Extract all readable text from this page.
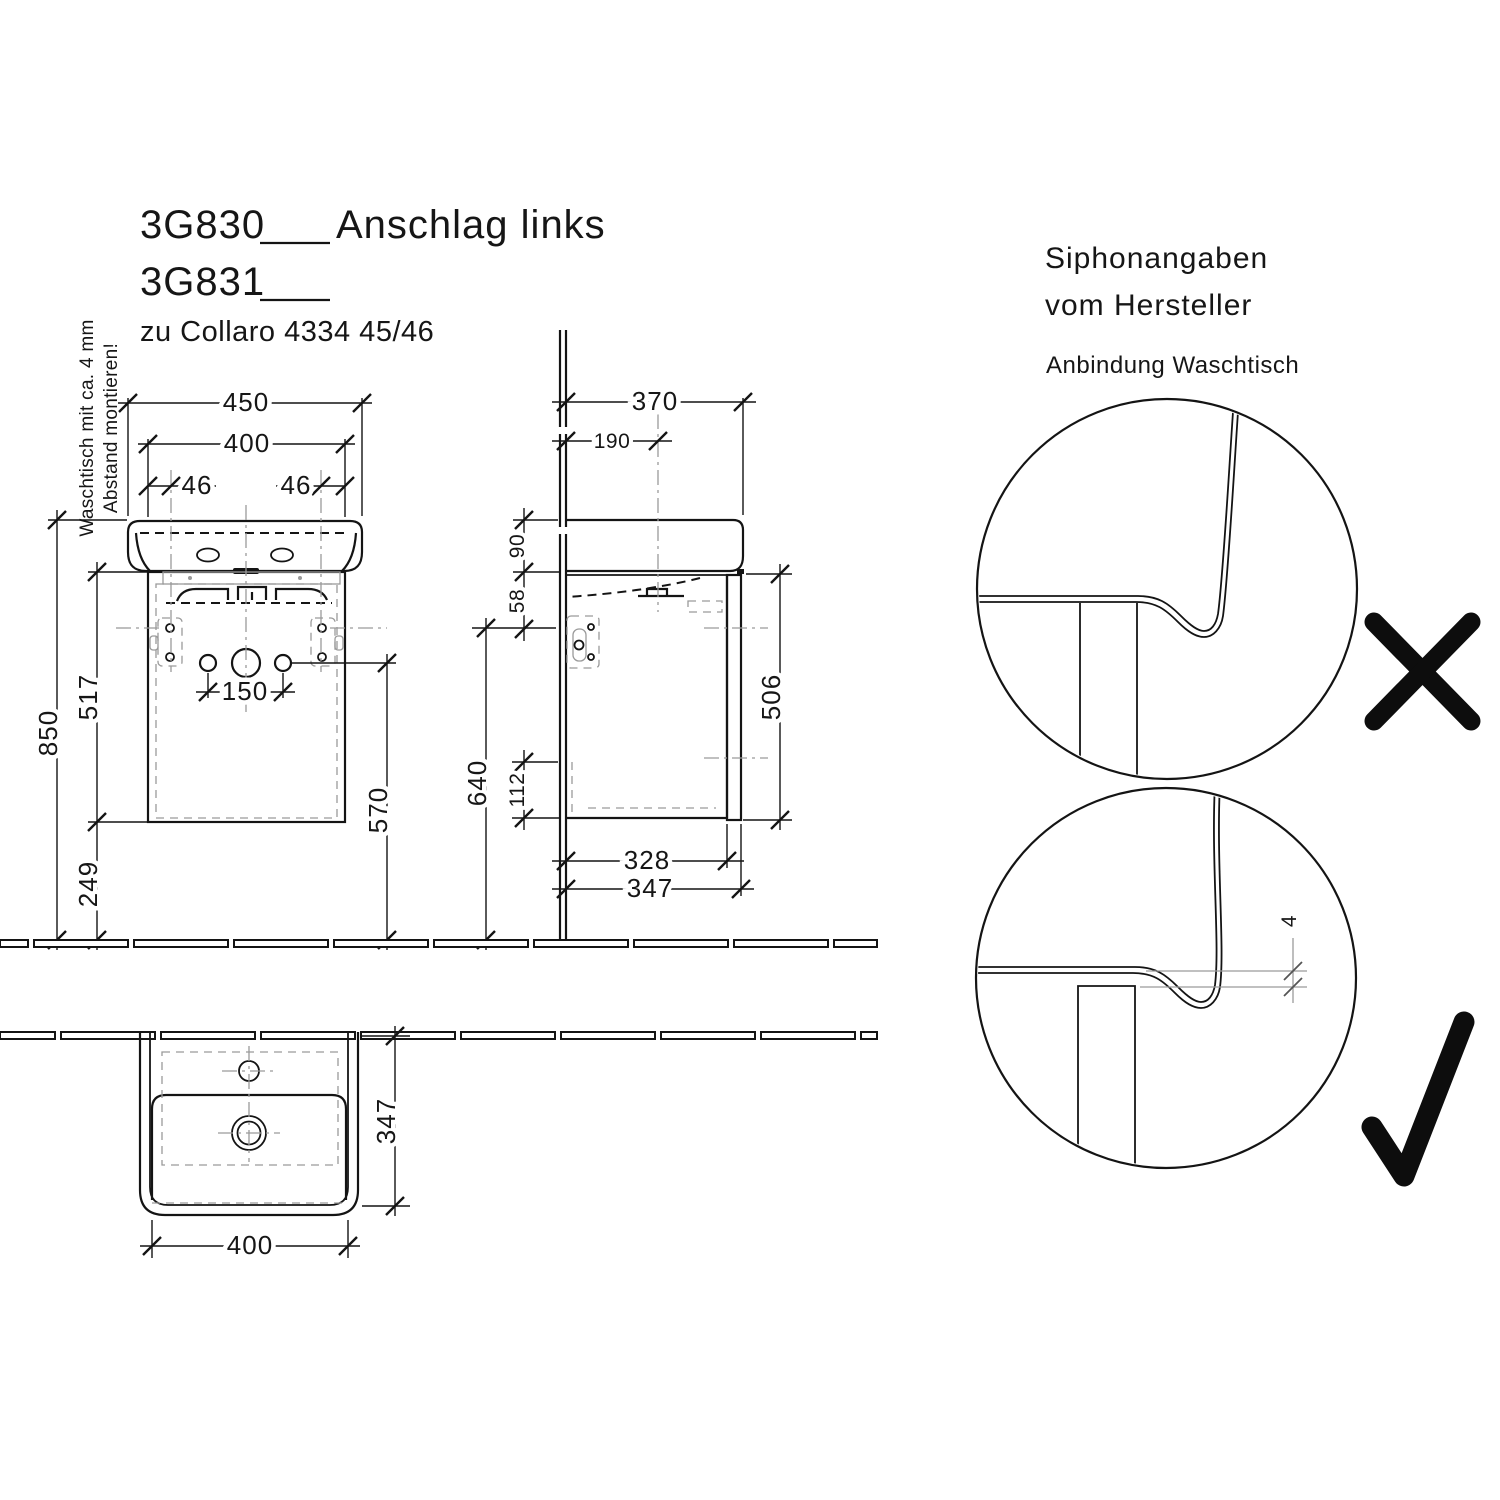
3G830 Anschlag links
3G831
zu Collaro 4334 45/46
Waschtisch mit ca. 4 mm Abstand montieren!	450
400
46	46
150
517
850
249
570
370
190
90
58
112
640
506
328
347
347
400
Siphonangaben
vom Hersteller
Anbindung Waschtisch
4
